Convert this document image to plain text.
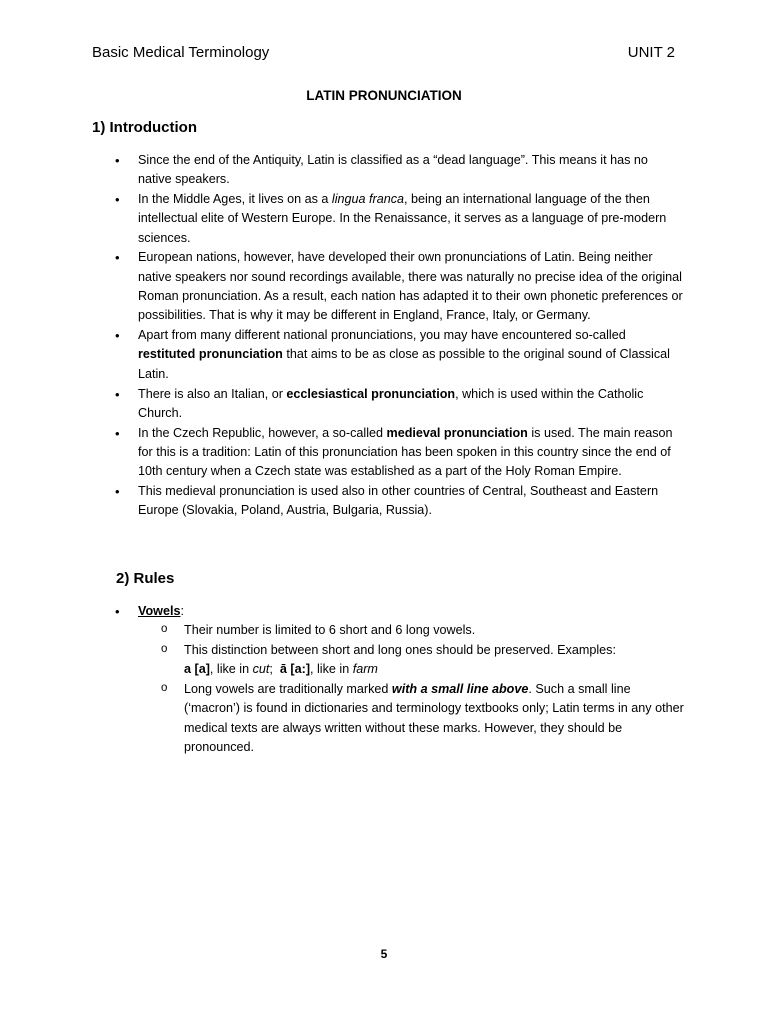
Basic Medical Terminology	UNIT 2
LATIN PRONUNCIATION
1) Introduction
• Since the end of the Antiquity, Latin is classified as a “dead language”. This means it has no native speakers.
• In the Middle Ages, it lives on as a lingua franca, being an international language of the then intellectual elite of Western Europe. In the Renaissance, it serves as a language of pre-modern sciences.
• European nations, however, have developed their own pronunciations of Latin. Being neither native speakers nor sound recordings available, there was naturally no precise idea of the original Roman pronunciation. As a result, each nation has adapted it to their own phonetic preferences or possibilities. That is why it may be different in England, France, Italy, or Germany.
• Apart from many different national pronunciations, you may have encountered so-called restituted pronunciation that aims to be as close as possible to the original sound of Classical Latin.
• There is also an Italian, or ecclesiastical pronunciation, which is used within the Catholic Church.
• In the Czech Republic, however, a so-called medieval pronunciation is used. The main reason for this is a tradition: Latin of this pronunciation has been spoken in this country since the end of 10th century when a Czech state was established as a part of the Holy Roman Empire.
• This medieval pronunciation is used also in other countries of Central, Southeast and Eastern Europe (Slovakia, Poland, Austria, Bulgaria, Russia).
2) Rules
• Vowels:
o Their number is limited to 6 short and 6 long vowels.
o This distinction between short and long ones should be preserved. Examples:
a [a], like in cut;  ā [a:], like in farm
o Long vowels are traditionally marked with a small line above. Such a small line (‘macron’) is found in dictionaries and terminology textbooks only; Latin terms in any other medical texts are always written without these marks. However, they should be pronounced.
5
